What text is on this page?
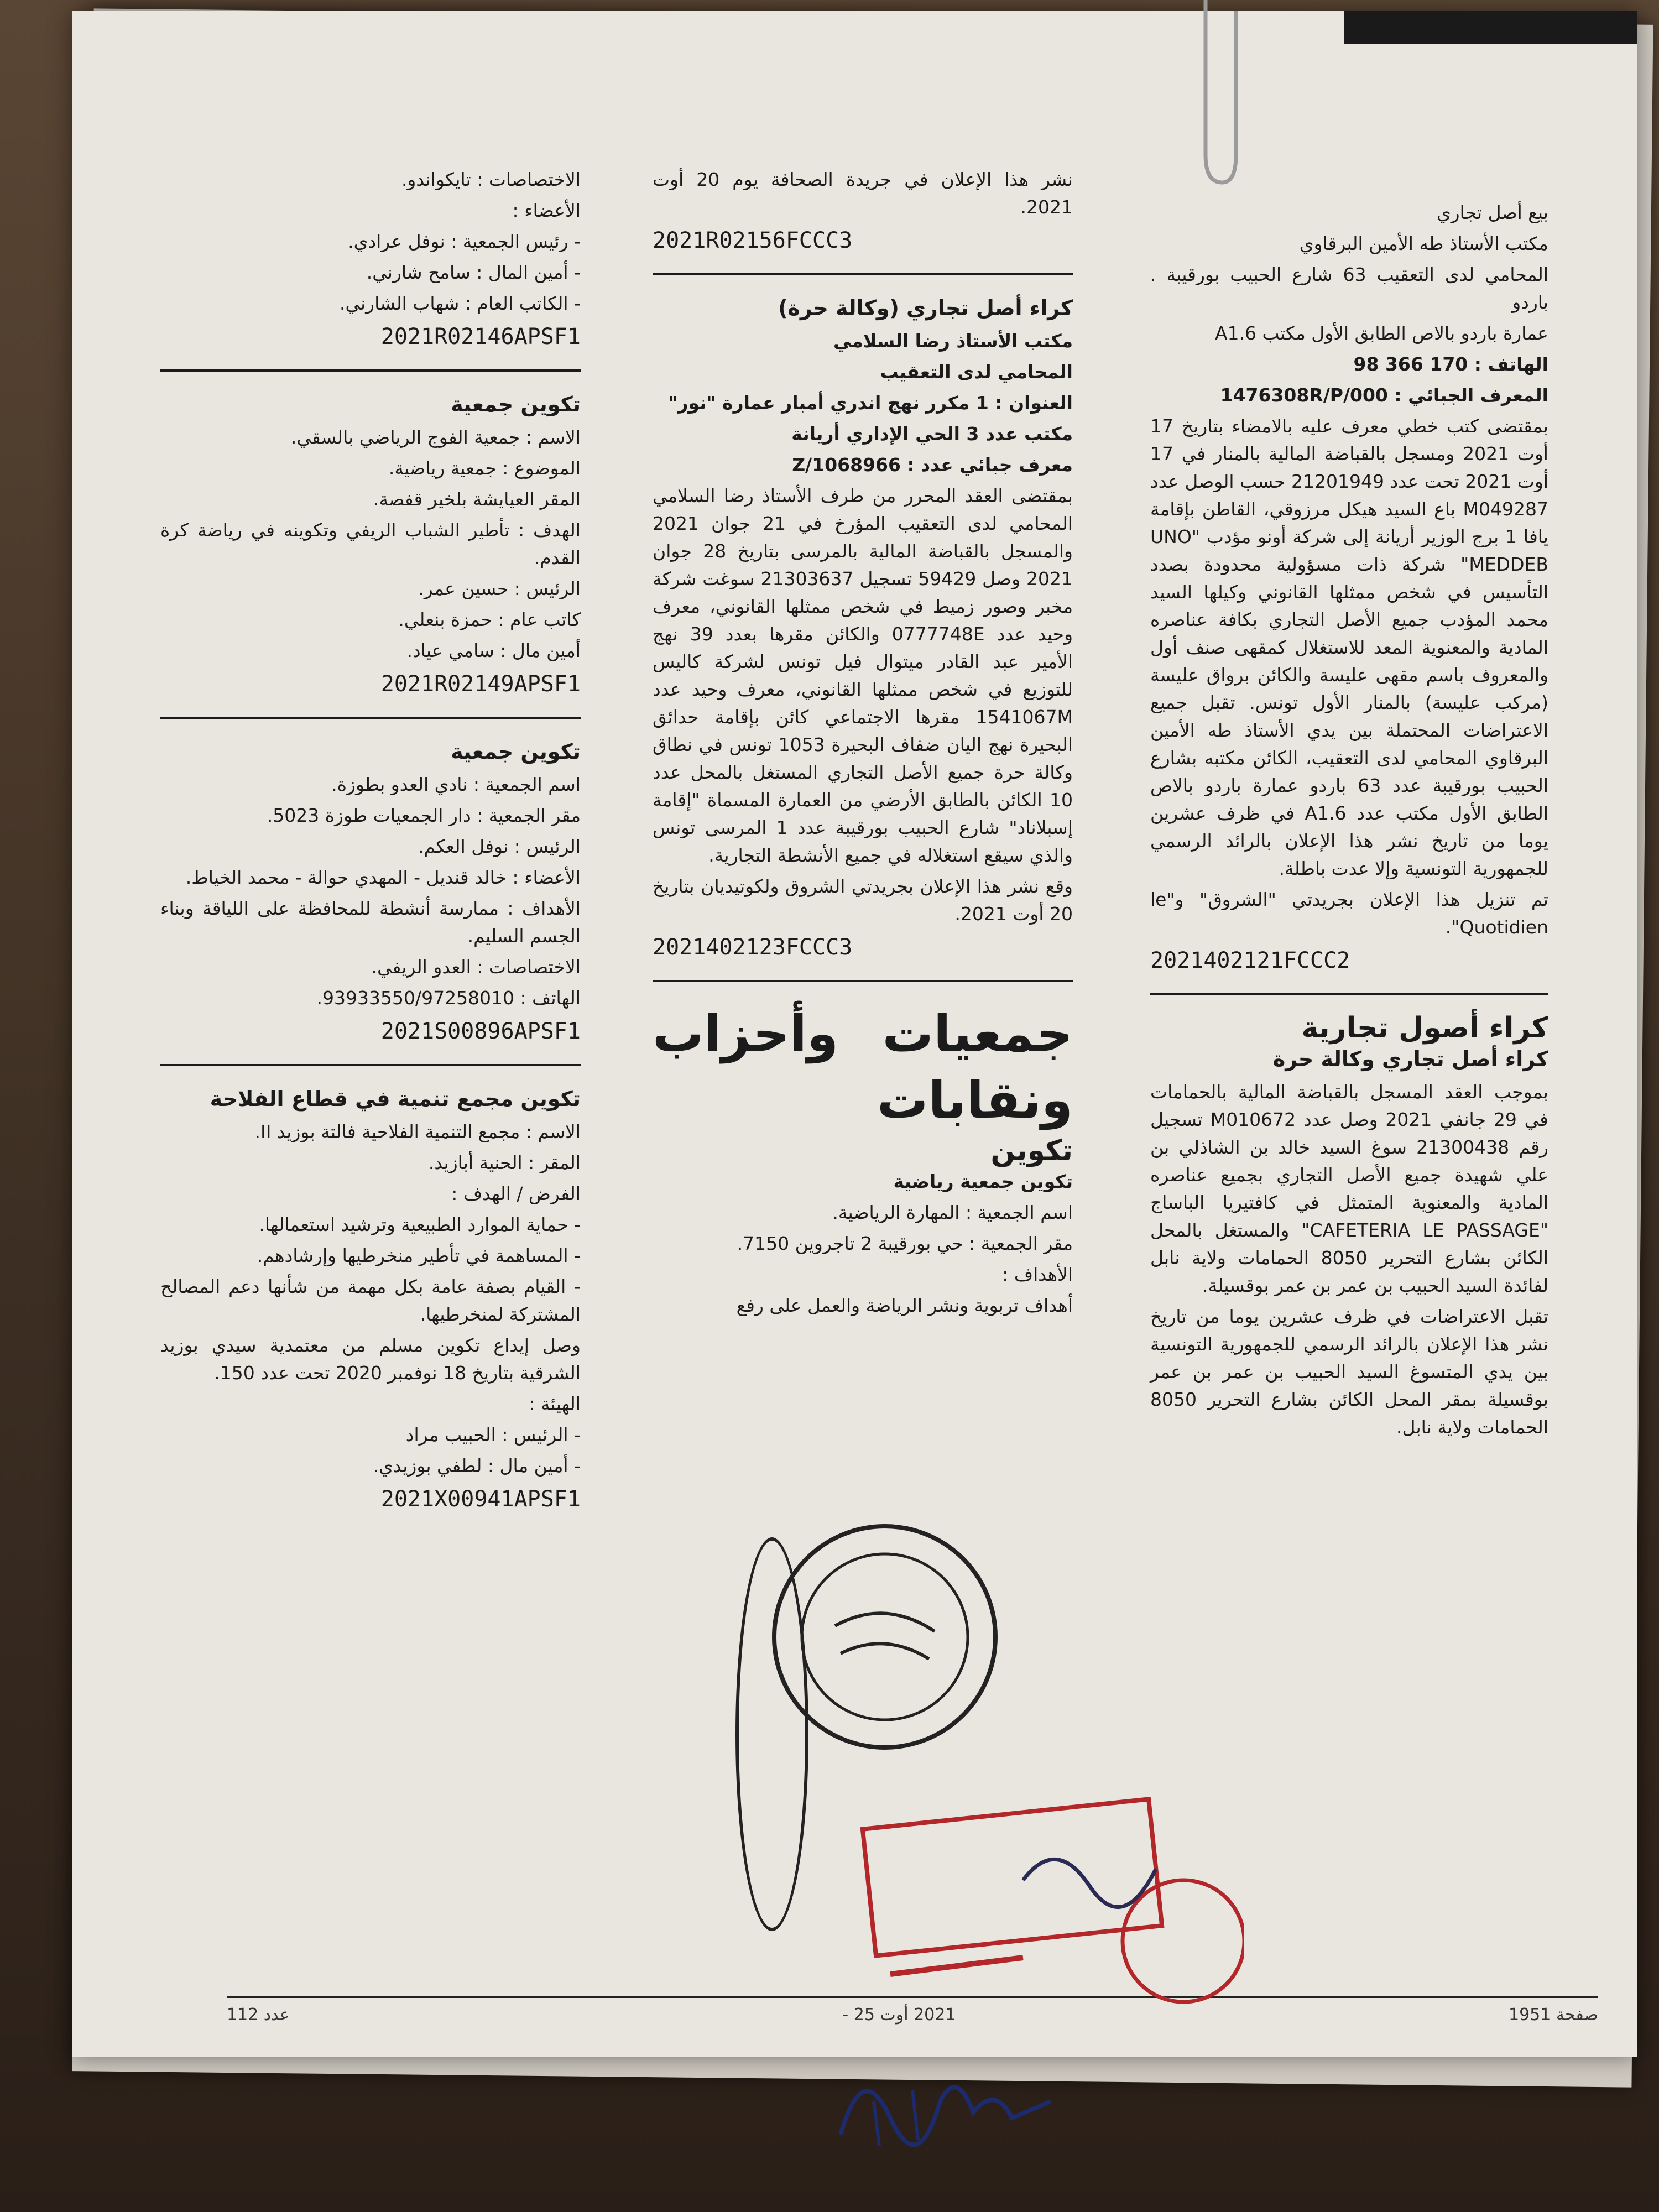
بيع أصل تجاري

مكتب الأستاذ طه الأمين البرقاوي

المحامي لدى التعقيب 63 شارع الحبيب بورقيبة . باردو

عمارة باردو بالاص الطابق الأول مكتب A1.6

الهاتف : 170 366 98

المعرف الجبائي : 1476308R/P/000

بمقتضى كتب خطي معرف عليه بالامضاء بتاريخ 17 أوت 2021 ومسجل بالقباضة المالية بالمنار في 17 أوت 2021 تحت عدد 21201949 حسب الوصل عدد M049287 باع السيد هيكل مرزوقي، القاطن بإقامة يافا 1 برج الوزير أريانة إلى شركة أونو مؤدب "UNO MEDDEB" شركة ذات مسؤولية محدودة بصدد التأسيس في شخص ممثلها القانوني وكيلها السيد محمد المؤدب جميع الأصل التجاري بكافة عناصره المادية والمعنوية المعد للاستغلال كمقهى صنف أول والمعروف باسم مقهى عليسة والكائن برواق عليسة (مركب عليسة) بالمنار الأول تونس. تقبل جميع الاعتراضات المحتملة بين يدي الأستاذ طه الأمين البرقاوي المحامي لدى التعقيب، الكائن مكتبه بشارع الحبيب بورقيبة عدد 63 باردو عمارة باردو بالاص الطابق الأول مكتب عدد A1.6 في ظرف عشرين يوما من تاريخ نشر هذا الإعلان بالرائد الرسمي للجمهورية التونسية وإلا عدت باطلة.

تم تنزيل هذا الإعلان بجريدتي "الشروق" و"le Quotidien".

2021402121FCCC2

كراء أصول تجارية

كراء أصل تجاري وكالة حرة

بموجب العقد المسجل بالقباضة المالية بالحمامات في 29 جانفي 2021 وصل عدد M010672 تسجيل رقم 21300438 سوغ السيد خالد بن الشاذلي بن علي شهيدة جميع الأصل التجاري بجميع عناصره المادية والمعنوية المتمثل في كافتيريا الباساج "CAFETERIA LE PASSAGE" والمستغل بالمحل الكائن بشارع التحرير 8050 الحمامات ولاية نابل لفائدة السيد الحبيب بن عمر بن عمر بوقسيلة.

تقبل الاعتراضات في ظرف عشرين يوما من تاريخ نشر هذا الإعلان بالرائد الرسمي للجمهورية التونسية بين يدي المتسوغ السيد الحبيب بن عمر بن عمر بوقسيلة بمقر المحل الكائن بشارع التحرير 8050 الحمامات ولاية نابل.

نشر هذا الإعلان في جريدة الصحافة يوم 20 أوت 2021.

2021R02156FCCC3

كراء أصل تجاري (وكالة حرة)

مكتب الأستاذ رضا السلامي

المحامي لدى التعقيب

العنوان : 1 مكرر نهج اندري أمبار عمارة "نور"

مكتب عدد 3 الحي الإداري أريانة

معرف جبائي عدد : 1068966/Z

بمقتضى العقد المحرر من طرف الأستاذ رضا السلامي المحامي لدى التعقيب المؤرخ في 21 جوان 2021 والمسجل بالقباضة المالية بالمرسى بتاريخ 28 جوان 2021 وصل 59429 تسجيل 21303637 سوغت شركة مخبر وصور زميط في شخص ممثلها القانوني، معرف وحيد عدد 0777748E والكائن مقرها بعدد 39 نهج الأمير عبد القادر ميتوال فيل تونس لشركة كاليس للتوزيع في شخص ممثلها القانوني، معرف وحيد عدد 1541067M مقرها الاجتماعي كائن بإقامة حدائق البحيرة نهج اليان ضفاف البحيرة 1053 تونس في نطاق وكالة حرة جميع الأصل التجاري المستغل بالمحل عدد 10 الكائن بالطابق الأرضي من العمارة المسماة "إقامة إسبلاناد" شارع الحبيب بورقيبة عدد 1 المرسى تونس والذي سيقع استغلاله في جميع الأنشطة التجارية.

وقع نشر هذا الإعلان بجريدتي الشروق ولكوتيديان بتاريخ 20 أوت 2021.

2021402123FCCC3

جمعيات وأحزاب ونقابات

تكوين

تكوين جمعية رياضية

اسم الجمعية : المهارة الرياضية.

مقر الجمعية : حي بورقيبة 2 تاجروين 7150.

الأهداف :

أهداف تربوية ونشر الرياضة والعمل على رفع

الاختصاصات : تايكواندو.

الأعضاء :

- رئيس الجمعية : نوفل عرادي.

- أمين المال : سامح شارني.

- الكاتب العام : شهاب الشارني.

2021R02146APSF1

تكوين جمعية

الاسم : جمعية الفوج الرياضي بالسقي.

الموضوع : جمعية رياضية.

المقر العيايشة بلخير قفصة.

الهدف : تأطير الشباب الريفي وتكوينه في رياضة كرة القدم.

الرئيس : حسين عمر.

كاتب عام : حمزة بنعلي.

أمين مال : سامي عياد.

2021R02149APSF1

تكوين جمعية

اسم الجمعية : نادي العدو بطوزة.

مقر الجمعية : دار الجمعيات طوزة 5023.

الرئيس : نوفل العكم.

الأعضاء : خالد قنديل - المهدي حوالة - محمد الخياط.

الأهداف : ممارسة أنشطة للمحافظة على اللياقة وبناء الجسم السليم.

الاختصاصات : العدو الريفي.

الهاتف : 93933550/97258010.

2021S00896APSF1

تكوين مجمع تنمية في قطاع الفلاحة

الاسم : مجمع التنمية الفلاحية فالتة بوزيد II.

المقر : الحنية أبازيد.

الفرض / الهدف :

- حماية الموارد الطبيعية وترشيد استعمالها.

- المساهمة في تأطير منخرطيها وإرشادهم.

- القيام بصفة عامة بكل مهمة من شأنها دعم المصالح المشتركة لمنخرطيها.

وصل إيداع تكوين مسلم من معتمدية سيدي بوزيد الشرقية بتاريخ 18 نوفمبر 2020 تحت عدد 150.

الهيئة :

- الرئيس : الحبيب مراد

- أمين مال : لطفي بوزيدي.

2021X00941APSF1

صفحة 1951
2021 أوت 25 -
عدد 112
